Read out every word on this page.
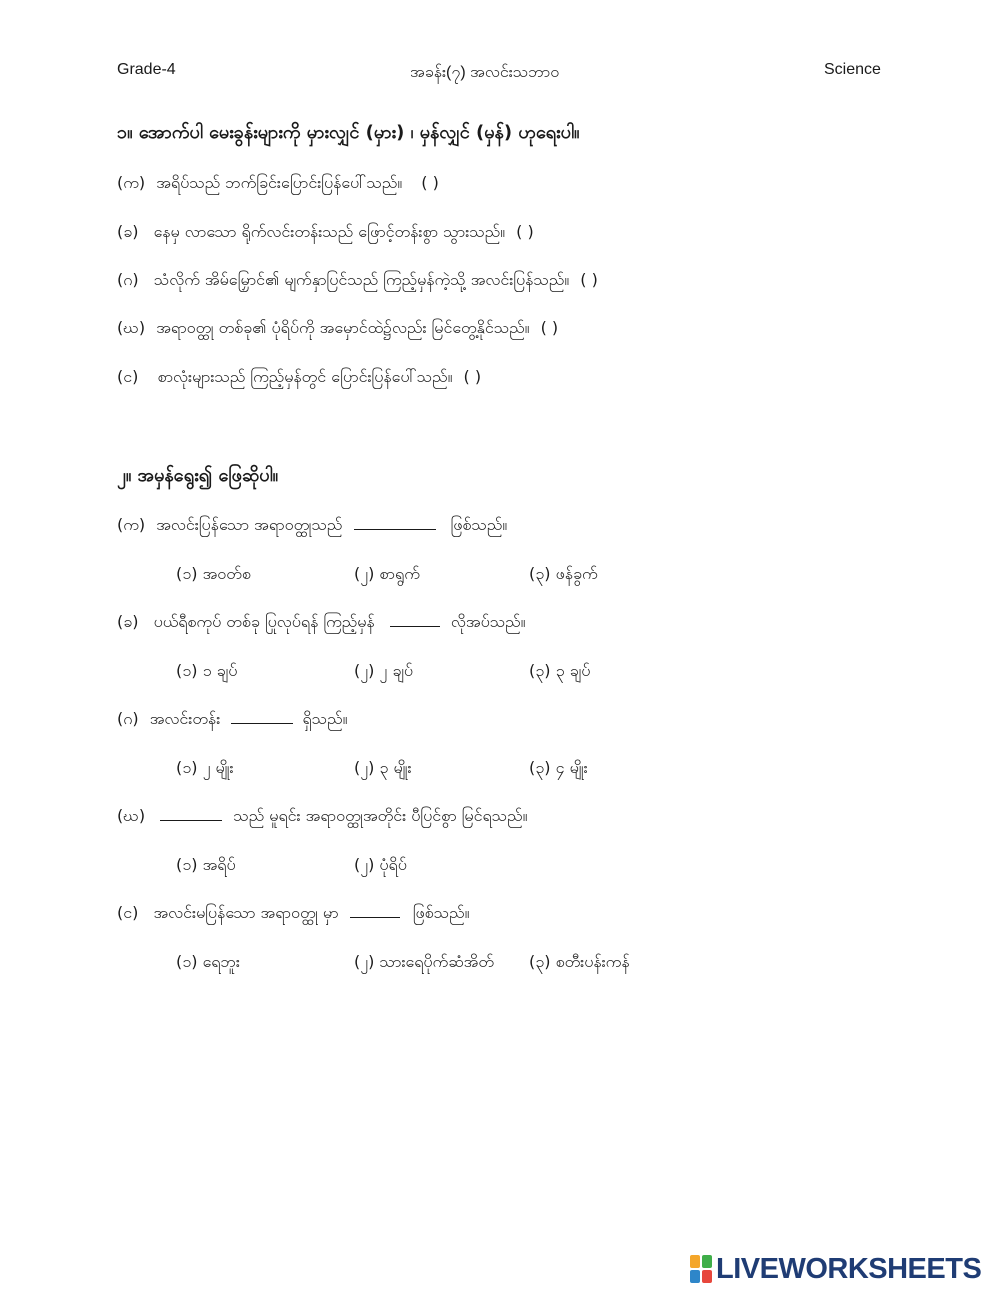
Grade-4	အခန်း(၇) အလင်းသဘာဝ	Science
၁။ အောက်ပါ မေးခွန်းများကို မှားလျှင် (မှား) ၊ မှန်လျှင် (မှန်) ဟုရေးပါ။
(က) အရိပ်သည် ဘက်ခြင်းပြောင်းပြန်ပေါ်သည်။ ( )
(ခ) နေမှ လာသော ရိုက်လင်းတန်းသည် ဖြောင့်တန်းစွာ သွားသည်။ ( )
(ဂ) သံလိုက် အိမ်မြှောင်၏ မျက်နှာပြင်သည် ကြည့်မှန်ကဲ့သို့ အလင်းပြန်သည်။ ( )
(ဃ) အရာဝတ္ထု တစ်ခု၏ ပုံရိပ်ကို အမှောင်ထဲ၌လည်း မြင်တွေ့နိုင်သည်။ ( )
(င) စာလုံးများသည် ကြည့်မှန်တွင် ပြောင်းပြန်ပေါ်သည်။ ( )
၂။ အမှန်ရွေး၍ ဖြေဆိုပါ။
(က) အလင်းပြန်သော အရာဝတ္ထုသည်	ဖြစ်သည်။
(၁) အဝတ်စ	(၂) စာရွက်	(၃) ဖန်ခွက်
(ခ) ပယ်ရီစကုပ် တစ်ခု ပြုလုပ်ရန် ကြည့်မှန်	လိုအပ်သည်။
(၁) ၁ ချပ်	(၂) ၂ ချပ်	(၃) ၃ ချပ်
(ဂ) အလင်းတန်း	ရှိသည်။
(၁) ၂ မျိုး	(၂) ၃ မျိုး	(၃) ၄ မျိုး
(ဃ)	သည် မူရင်း အရာဝတ္ထုအတိုင်း ပီပြင်စွာ မြင်ရသည်။
(၁) အရိပ်	(၂) ပုံရိပ်
(င) အလင်းမပြန်သော အရာဝတ္ထု မှာ	ဖြစ်သည်။
(၁) ရေဘူး	(၂) သားရေပိုက်ဆံအိတ် (၃) စတီးပန်းကန်
LIVEWORKSHEETS
